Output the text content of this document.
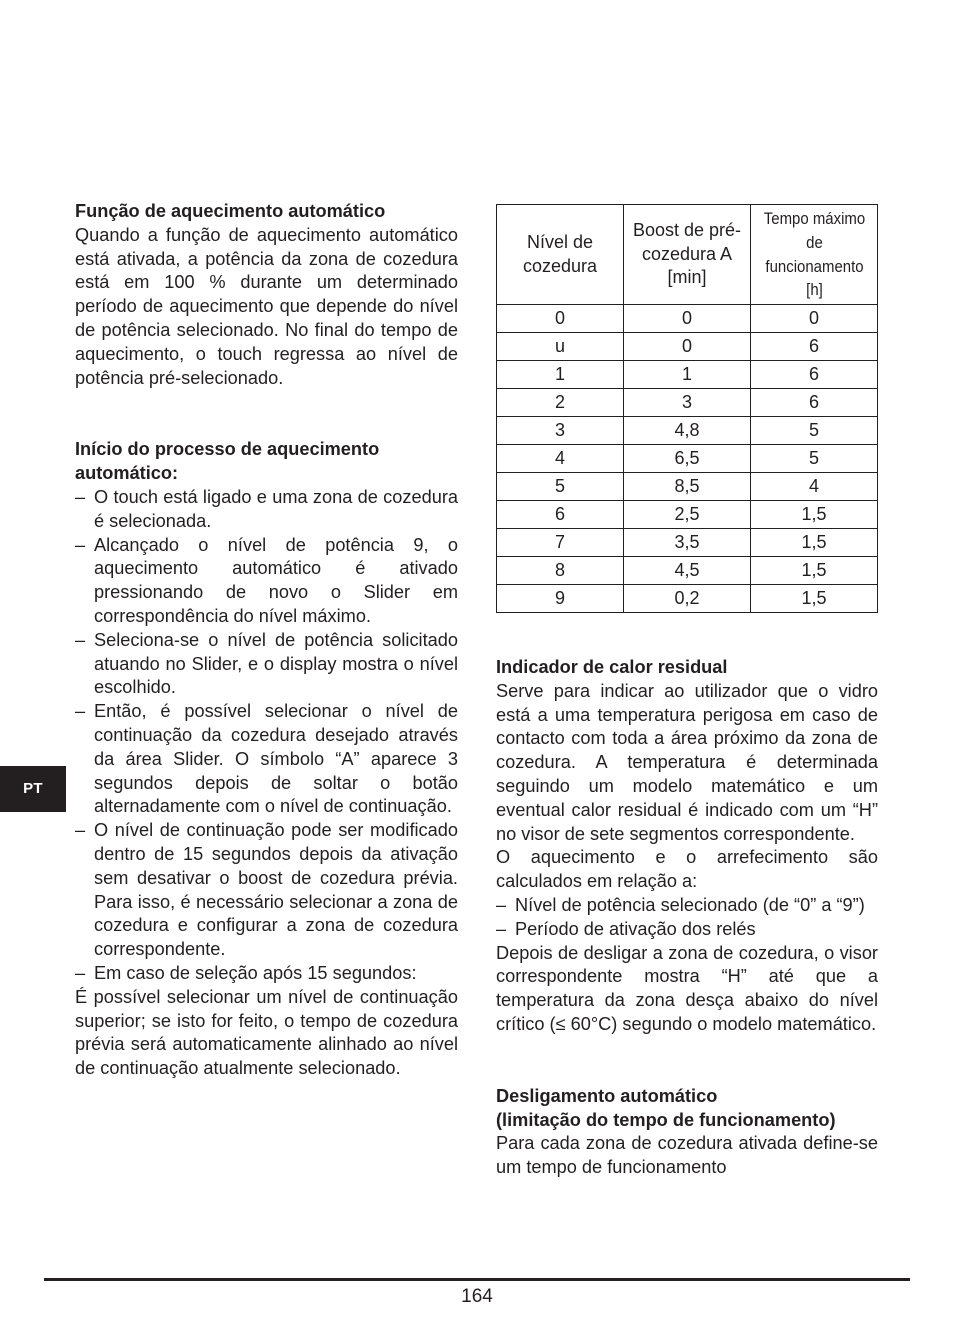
Função de aquecimento automático

Quando a função de aquecimento automático está ativada, a potência da zona de cozedura está em 100 % durante um determinado período de aquecimento que depende do nível de potência selecionado. No final do tempo de aquecimento, o touch regressa ao nível de potência pré-selecionado.

Início do processo de aquecimento automático:

– O touch está ligado e uma zona de cozedura é selecionada.
– Alcançado o nível de potência 9, o aquecimento automático é ativado pressionando de novo o Slider em correspondência do nível máximo.
– Seleciona-se o nível de potência solicitado atuando no Slider, e o display mostra o nível escolhido.
– Então, é possível selecionar o nível de continuação da cozedura desejado através da área Slider. O símbolo “A” aparece 3 segundos depois de soltar o botão alternadamente com o nível de continuação.
– O nível de continuação pode ser modificado dentro de 15 segundos depois da ativação sem desativar o boost de cozedura prévia. Para isso, é necessário selecionar a zona de cozedura e configurar a zona de cozedura correspondente.
– Em caso de seleção após 15 segundos:

É possível selecionar um nível de continuação superior; se isto for feito, o tempo de cozedura prévia será automaticamente alinhado ao nível de continuação atualmente selecionado.

Nível de cozedura	Boost de pré-cozedura A [min]	Tempo máximo de funcionamento [h]

0	0	0
u	0	6
1	1	6
2	3	6
3	4,8	5
4	6,5	5
5	8,5	4
6	2,5	1,5
7	3,5	1,5
8	4,5	1,5
9	0,2	1,5

Indicador de calor residual

Serve para indicar ao utilizador que o vidro está a uma temperatura perigosa em caso de contacto com toda a área próximo da zona de cozedura. A temperatura é determinada seguindo um modelo matemático e um eventual calor residual é indicado com um “H” no visor de sete segmentos correspondente.

O aquecimento e o arrefecimento são calculados em relação a:

– Nível de potência selecionado (de “0” a “9”)
– Período de ativação dos relés

Depois de desligar a zona de cozedura, o visor correspondente mostra “H” até que a temperatura da zona desça abaixo do nível crítico (≤ 60°C) segundo o modelo matemático.

Desligamento automático

(limitação do tempo de funcionamento)

Para cada zona de cozedura ativada define-se um tempo de funcionamento

PT
164
